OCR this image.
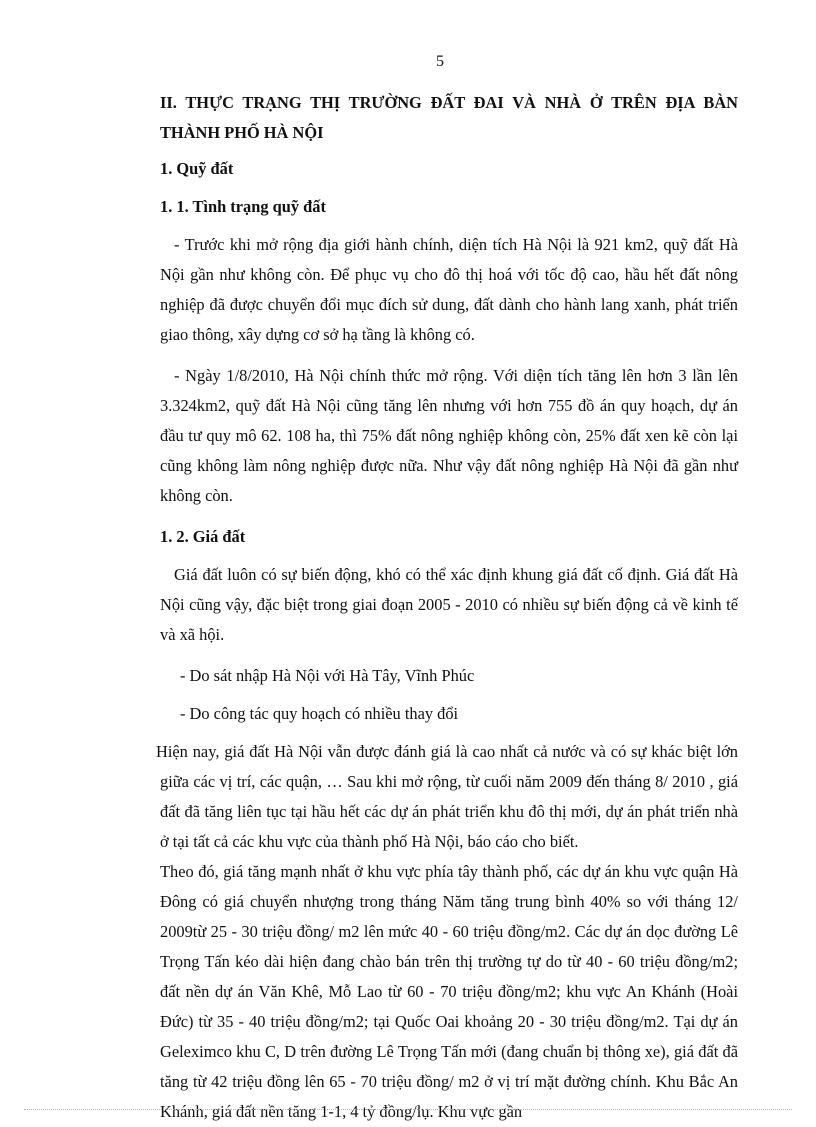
5

II. THỰC TRẠNG THỊ TRƯỜNG ĐẤT ĐAI VÀ NHÀ Ở TRÊN ĐỊA BÀN THÀNH PHỐ HÀ NỘI

1. Quỹ đất

1. 1. Tình trạng quỹ đất

- Trước khi mở rộng địa giới hành chính, diện tích Hà Nội là 921 km2, quỹ đất Hà Nội gần như không còn. Để phục vụ cho đô thị hoá với tốc độ cao, hầu hết đất nông nghiệp đã được chuyển đổi mục đích sử dung, đất dành cho hành lang xanh, phát triển giao thông, xây dựng cơ sở hạ tầng là không có.

- Ngày 1/8/2010, Hà Nội chính thức mở rộng. Với diện tích tăng lên hơn 3 lần lên 3.324km2, quỹ đất Hà Nội cũng tăng lên nhưng với hơn 755 đồ án quy hoạch, dự án đầu tư quy mô 62. 108 ha, thì 75% đất nông nghiệp không còn, 25% đất xen kẽ còn lại cũng không làm nông nghiệp được nữa. Như vậy đất nông nghiệp Hà Nội đã gần như không còn.

1. 2. Giá đất

Giá đất luôn có sự biến động, khó có thể xác định khung giá đất cố định. Giá đất Hà Nội cũng vậy, đặc biệt trong giai đoạn 2005 - 2010 có nhiều sự biến động cả về kinh tế và xã hội.

- Do sát nhập Hà Nội với Hà Tây, Vĩnh Phúc

- Do công tác quy hoạch có nhiều thay đổi

Hiện nay, giá đất Hà Nội vẫn được đánh giá là cao nhất cả nước và có sự khác biệt lớn giữa các vị trí, các quận, … Sau khi mở rộng, từ cuối năm 2009 đến tháng 8/ 2010 , giá đất đã tăng liên tục tại hầu hết các dự án phát triển khu đô thị mới, dự án phát triển nhà ở tại tất cả các khu vực của thành phố Hà Nội, báo cáo cho biết.

Theo đó, giá tăng mạnh nhất ở khu vực phía tây thành phố, các dự án khu vực quận Hà Đông có giá chuyển nhượng trong tháng Năm tăng trung bình 40% so với tháng 12/ 2009từ 25 - 30 triệu đồng/ m2 lên mức 40 - 60 triệu đồng/m2. Các dự án dọc đường Lê Trọng Tấn kéo dài hiện đang chào bán trên thị trường tự do từ 40 - 60 triệu đồng/m2; đất nền dự án Văn Khê, Mỗ Lao từ 60 - 70 triệu đồng/m2; khu vực An Khánh (Hoài Đức) từ 35 - 40 triệu đồng/m2; tại Quốc Oai khoảng 20 - 30 triệu đồng/m2. Tại dự án Geleximco khu C, D trên đường Lê Trọng Tấn mới (đang chuẩn bị thông xe), giá đất đã tăng từ 42 triệu đồng lên 65 - 70 triệu đồng/ m2 ở vị trí mặt đường chính. Khu Bắc An Khánh, giá đất nền tăng 1-1, 4 tỷ đồng/lụ. Khu vực gần
